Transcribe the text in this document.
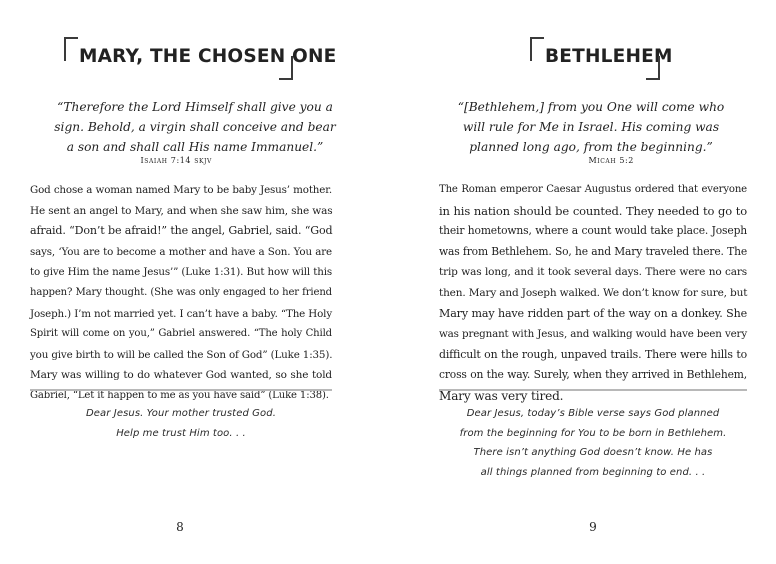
MARY, THE CHOSEN ONE
“Therefore the Lord Himself shall give you a
sign. Behold, a virgin shall conceive and bear
a son and shall call His name Immanuel.”
Isaiah 7:14 skjv
God chose a woman named Mary to be baby Jesus’ mother.
He sent an angel to Mary, and when she saw him, she was
afraid. “Don’t be afraid!” the angel, Gabriel, said. “God
says, ‘You are to become a mother and have a Son. You are
to give Him the name Jesus’” (Luke 1:31). But how will this
happen? Mary thought. (She was only engaged to her friend
Joseph.) I’m not married yet. I can’t have a baby. “The Holy
Spirit will come on you,” Gabriel answered. “The holy Child
you give birth to will be called the Son of God” (Luke 1:35).
Mary was willing to do whatever God wanted, so she told
Gabriel, “Let it happen to me as you have said” (Luke 1:38).
Dear Jesus. Your mother trusted God.
Help me trust Him too. . .
8
BETHLEHEM
“[Bethlehem,] from you One will come who
will rule for Me in Israel. His coming was
planned long ago, from the beginning.”
Micah 5:2
The Roman emperor Caesar Augustus ordered that everyone
in his nation should be counted. They needed to go to
their hometowns, where a count would take place. Joseph
was from Bethlehem. So, he and Mary traveled there. The
trip was long, and it took several days. There were no cars
then. Mary and Joseph walked. We don’t know for sure, but
Mary may have ridden part of the way on a donkey. She
was pregnant with Jesus, and walking would have been very
difficult on the rough, unpaved trails. There were hills to
cross on the way. Surely, when they arrived in Bethlehem,
Mary was very tired.
Dear Jesus, today’s Bible verse says God planned
from the beginning for You to be born in Bethlehem.
There isn’t anything God doesn’t know. He has
all things planned from beginning to end. . .
9
